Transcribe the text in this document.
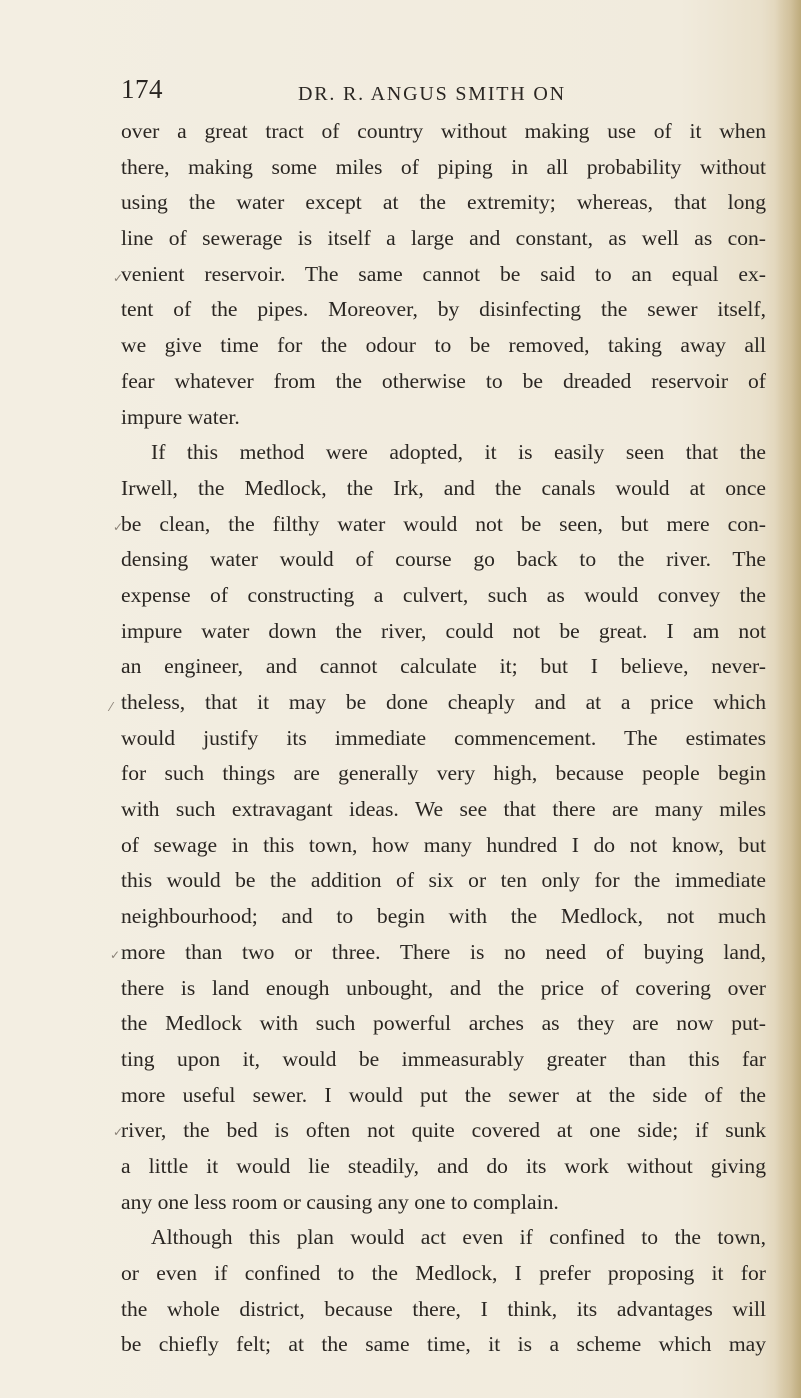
174	DR. R. ANGUS SMITH ON

✓
✓
⁄
✓
✓
over a great tract of country without making use of it when
there, making some miles of piping in all probability without
using the water except at the extremity; whereas, that long
line of sewerage is itself a large and constant, as well as con-
venient reservoir. The same cannot be said to an equal ex-
tent of the pipes. Moreover, by disinfecting the sewer itself,
we give time for the odour to be removed, taking away all
fear whatever from the otherwise to be dreaded reservoir of
impure water.
If this method were adopted, it is easily seen that the
Irwell, the Medlock, the Irk, and the canals would at once
be clean, the filthy water would not be seen, but mere con-
densing water would of course go back to the river. The
expense of constructing a culvert, such as would convey the
impure water down the river, could not be great. I am not
an engineer, and cannot calculate it; but I believe, never-
theless, that it may be done cheaply and at a price which
would justify its immediate commencement. The estimates
for such things are generally very high, because people begin
with such extravagant ideas. We see that there are many miles
of sewage in this town, how many hundred I do not know, but
this would be the addition of six or ten only for the immediate
neighbourhood; and to begin with the Medlock, not much
more than two or three. There is no need of buying land,
there is land enough unbought, and the price of covering over
the Medlock with such powerful arches as they are now put-
ting upon it, would be immeasurably greater than this far
more useful sewer. I would put the sewer at the side of the
river, the bed is often not quite covered at one side; if sunk
a little it would lie steadily, and do its work without giving
any one less room or causing any one to complain.
Although this plan would act even if confined to the town,
or even if confined to the Medlock, I prefer proposing it for
the whole district, because there, I think, its advantages will
be chiefly felt; at the same time, it is a scheme which may
